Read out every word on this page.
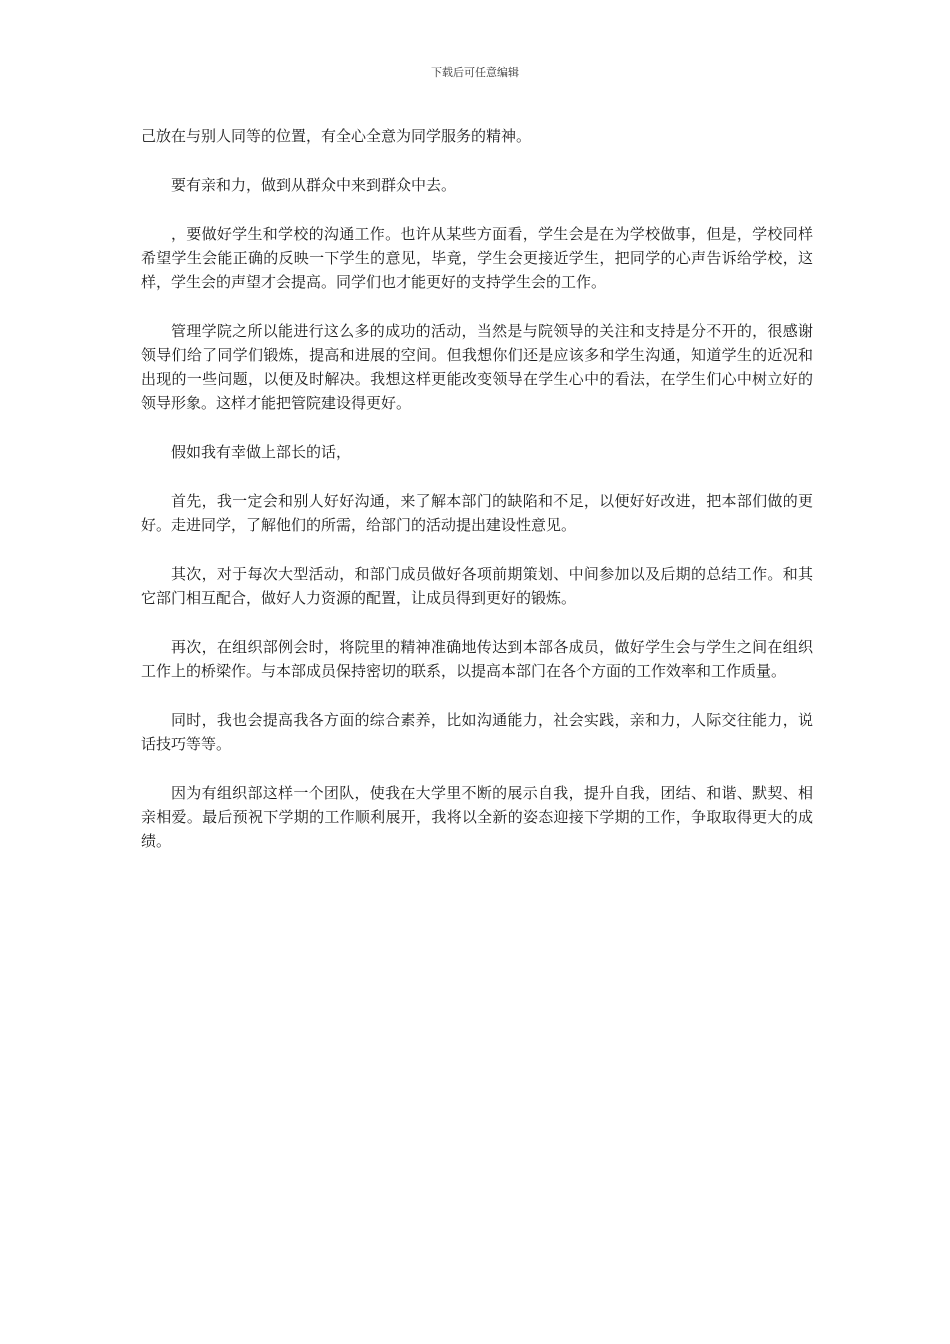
下载后可任意编辑

己放在与别人同等的位置，有全心全意为同学服务的精神。

要有亲和力，做到从群众中来到群众中去。

，要做好学生和学校的沟通工作。也许从某些方面看，学生会是在为学校做事，但是，学校同样希望学生会能正确的反映一下学生的意见，毕竟，学生会更接近学生，把同学的心声告诉给学校，这样，学生会的声望才会提高。同学们也才能更好的支持学生会的工作。

管理学院之所以能进行这么多的成功的活动，当然是与院领导的关注和支持是分不开的，很感谢领导们给了同学们锻炼，提高和进展的空间。但我想你们还是应该多和学生沟通，知道学生的近况和出现的一些问题，以便及时解决。我想这样更能改变领导在学生心中的看法，在学生们心中树立好的领导形象。这样才能把管院建设得更好。

假如我有幸做上部长的话，

首先，我一定会和别人好好沟通，来了解本部门的缺陷和不足，以便好好改进，把本部们做的更好。走进同学，了解他们的所需，给部门的活动提出建设性意见。

其次，对于每次大型活动，和部门成员做好各项前期策划、中间参加以及后期的总结工作。和其它部门相互配合，做好人力资源的配置，让成员得到更好的锻炼。

再次，在组织部例会时，将院里的精神准确地传达到本部各成员，做好学生会与学生之间在组织工作上的桥梁作。与本部成员保持密切的联系，以提高本部门在各个方面的工作效率和工作质量。

同时，我也会提高我各方面的综合素养，比如沟通能力，社会实践，亲和力，人际交往能力，说话技巧等等。

因为有组织部这样一个团队，使我在大学里不断的展示自我，提升自我，团结、和谐、默契、相亲相爱。最后预祝下学期的工作顺利展开，我将以全新的姿态迎接下学期的工作，争取取得更大的成绩。
